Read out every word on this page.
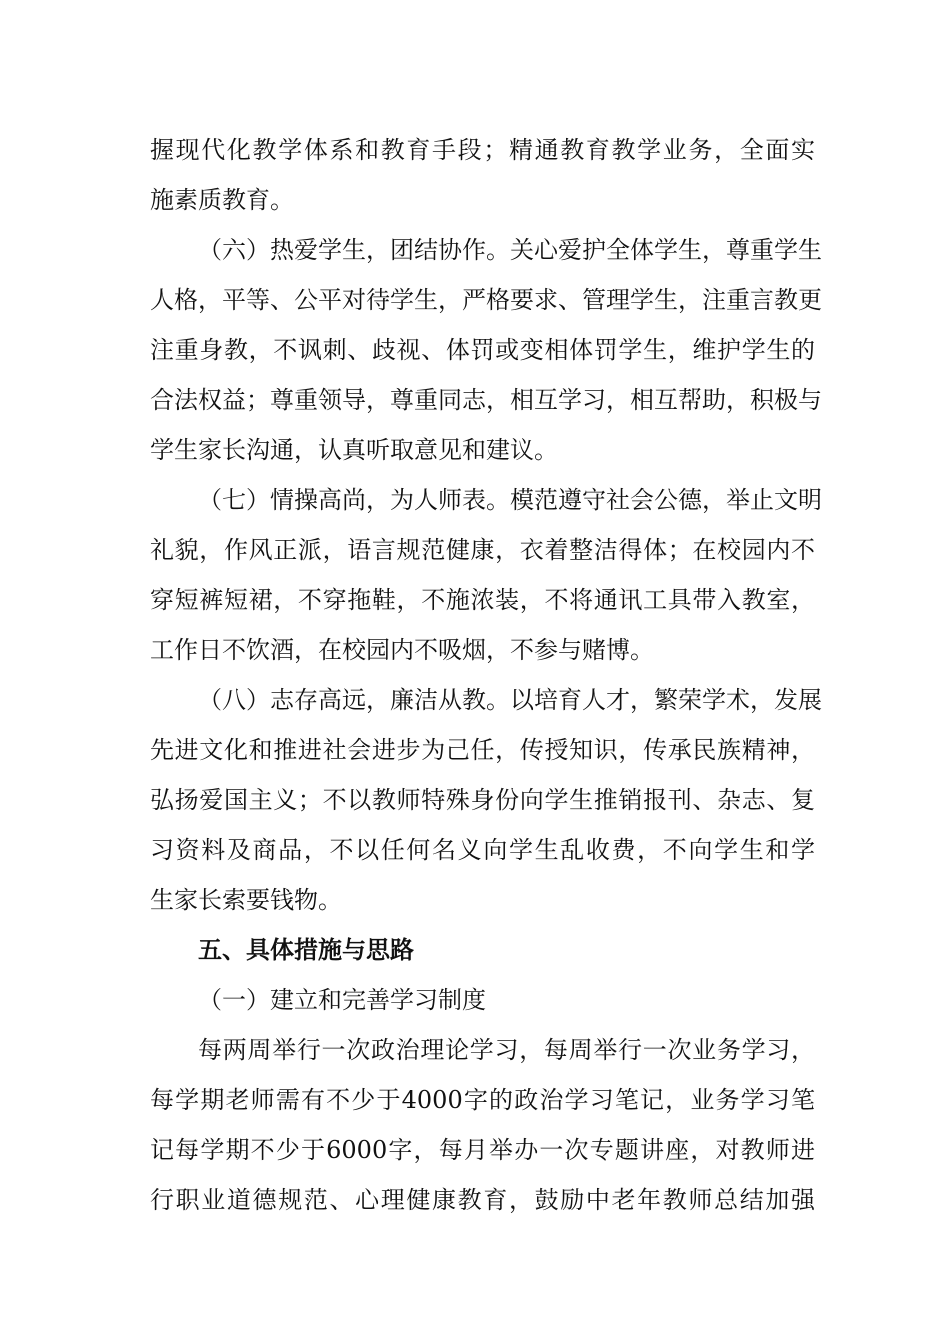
握现代化教学体系和教育手段；精通教育教学业务，全面实
施素质教育。
（六）热爱学生，团结协作。关心爱护全体学生，尊重学生
人格，平等、公平对待学生，严格要求、管理学生，注重言教更
注重身教，不讽刺、歧视、体罚或变相体罚学生，维护学生的
合法权益；尊重领导，尊重同志，相互学习，相互帮助，积极与
学生家长沟通，认真听取意见和建议。
（七）情操高尚，为人师表。模范遵守社会公德，举止文明
礼貌，作风正派，语言规范健康，衣着整洁得体；在校园内不
穿短裤短裙，不穿拖鞋，不施浓装，不将通讯工具带入教室，
工作日不饮酒，在校园内不吸烟，不参与赌博。
（八）志存高远，廉洁从教。以培育人才，繁荣学术，发展
先进文化和推进社会进步为己任，传授知识，传承民族精神，
弘扬爱国主义；不以教师特殊身份向学生推销报刊、杂志、复
习资料及商品，不以任何名义向学生乱收费，不向学生和学
生家长索要钱物。
五、具体措施与思路
（一）建立和完善学习制度
每两周举行一次政治理论学习，每周举行一次业务学习，
每学期老师需有不少于4000字的政治学习笔记，业务学习笔
记每学期不少于6000字，每月举办一次专题讲座，对教师进
行职业道德规范、心理健康教育，鼓励中老年教师总结加强
